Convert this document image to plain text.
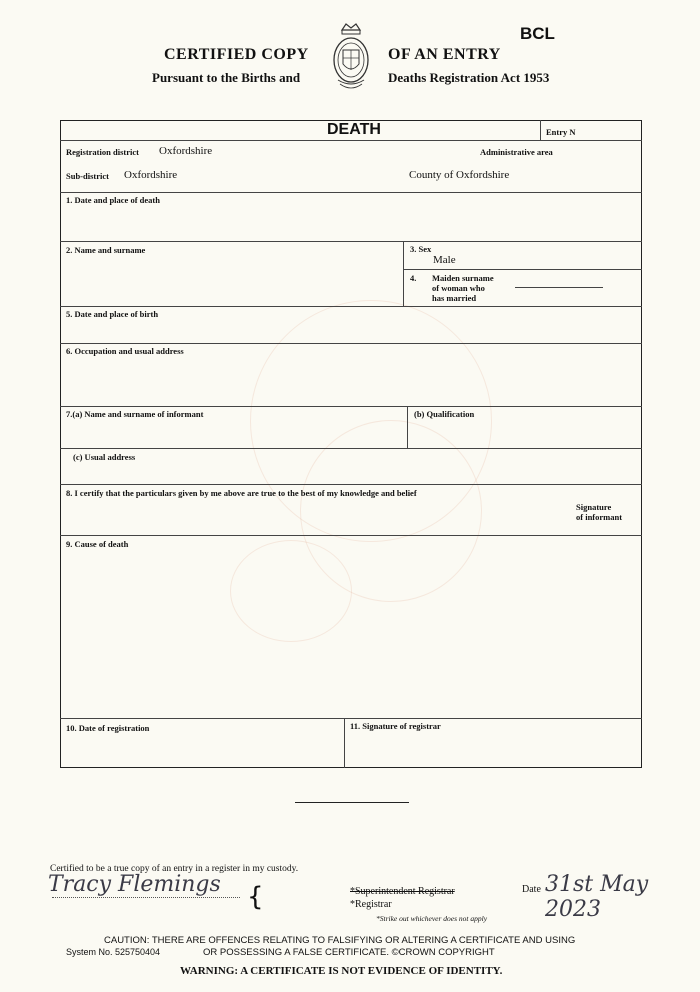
CERTIFIED COPY
Pursuant to the Births and
OF AN ENTRY
Deaths Registration Act 1953
BCL
DEATH	Entry N
Registration district Oxfordshire	Administrative area
Sub-district Oxfordshire	County of Oxfordshire
1. Date and place of death
2. Name and surname	3. Sex
Male
4. Maiden surname
of woman who
has married
5. Date and place of birth
6. Occupation and usual address
7.(a) Name and surname of informant	(b) Qualification
(c) Usual address
8. I certify that the particulars given by me above are true to the best of my knowledge and belief
Signature
of informant
9. Cause of death
10. Date of registration	11. Signature of registrar
Certified to be a true copy of an entry in a register in my custody.
Tracy Flemings {	*Superintendent Registrar
*Registrar
*Strike out whichever does not apply
Date 31st May 2023
CAUTION: THERE ARE OFFENCES RELATING TO FALSIFYING OR ALTERING A CERTIFICATE AND USING
OR POSSESSING A FALSE CERTIFICATE. ©CROWN COPYRIGHT
System No. 525750404
WARNING: A CERTIFICATE IS NOT EVIDENCE OF IDENTITY.
